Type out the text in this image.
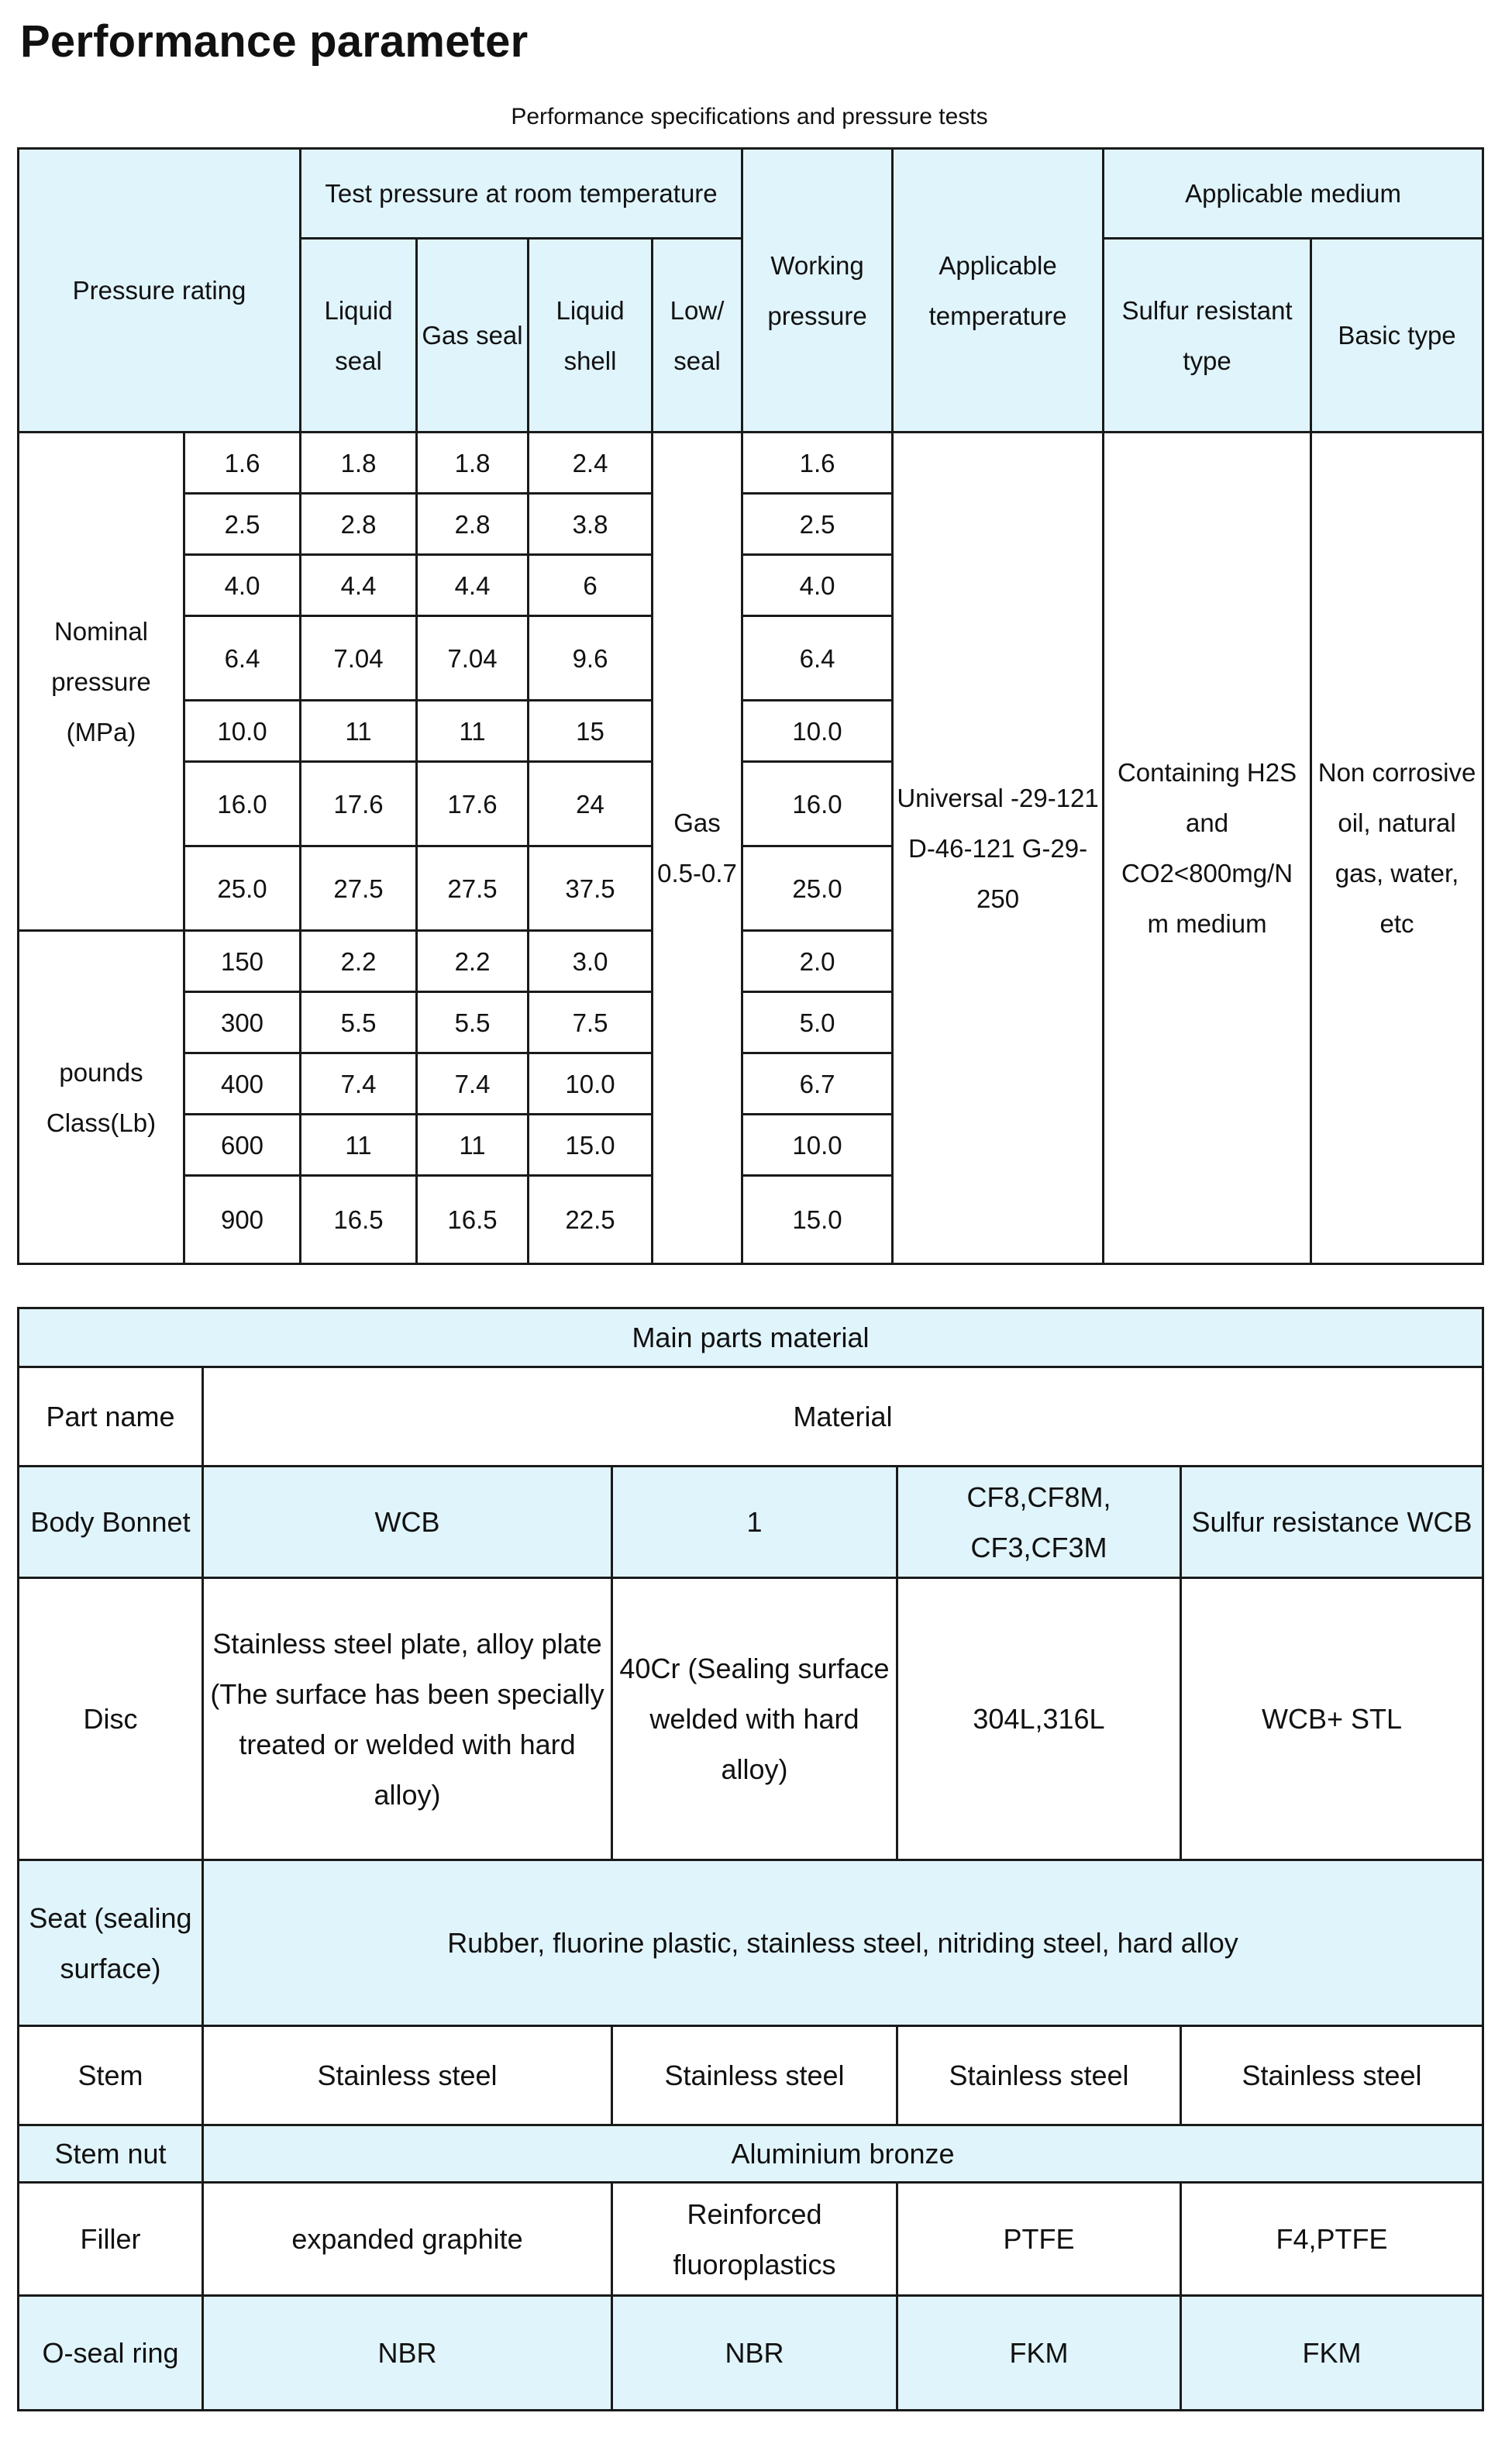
Performance parameter
Performance specifications and pressure tests
Pressure rating		Test pressure at room temperature				Working pressure	Applicable temperature	Applicable medium	
		Liquid seal	Gas seal	Liquid shell	Low/ seal			Sulfur resistant type	Basic type
Nominal pressure (MPa)	1.6	1.8	1.8	2.4	Gas 0.5-0.7	1.6	Universal -29-121 D-46-121 G-29-250	Containing H2S and CO2<800mg/N m medium	Non corrosive oil, natural gas, water, etc
	2.5	2.8	2.8	3.8		2.5			
	4.0	4.4	4.4	6		4.0			
	6.4	7.04	7.04	9.6		6.4			
	10.0	11	11	15		10.0			
	16.0	17.6	17.6	24		16.0			
	25.0	27.5	27.5	37.5		25.0			
pounds Class(Lb)	150	2.2	2.2	3.0		2.0			
	300	5.5	5.5	7.5		5.0			
	400	7.4	7.4	10.0		6.7			
	600	11	11	15.0		10.0			
	900	16.5	16.5	22.5		15.0			
Main parts material				
Part name	Material			
Body Bonnet	WCB	1	CF8,CF8M, CF3,CF3M	Sulfur resistance WCB
Disc	Stainless steel plate, alloy plate (The surface has been specially treated or welded with hard alloy)	40Cr (Sealing surface welded with hard alloy)	304L,316L	WCB+ STL
Seat (sealing surface)	Rubber, fluorine plastic, stainless steel, nitriding steel, hard alloy			
Stem	Stainless steel	Stainless steel	Stainless steel	Stainless steel
Stem nut	Aluminium bronze			
Filler	expanded graphite	Reinforced fluoroplastics	PTFE	F4,PTFE
O-seal ring	NBR	NBR	FKM	FKM
